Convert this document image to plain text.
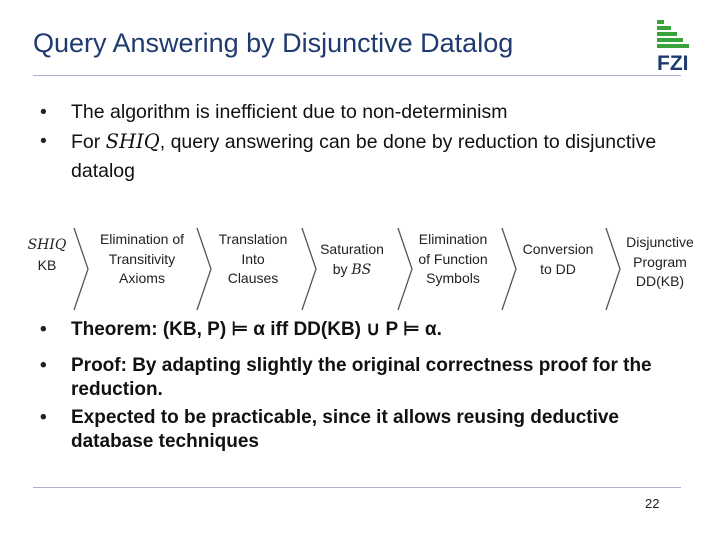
Query Answering by Disjunctive Datalog
FZI
• The algorithm is inefficient due to non-determinism
• For SHIQ, query answering can be done by reduction to disjunctive datalog
SHIQ
KB
Elimination of
Transitivity
Axioms
Translation
Into
Clauses
Saturation
by BS
Elimination
of Function
Symbols
Conversion
to DD
Disjunctive
Program
DD(KB)
• Theorem: (KB, P) ⊨ α iff DD(KB) ∪ P ⊨ α.
• Proof: By adapting slightly the original correctness proof for the reduction.
• Expected to be practicable, since it allows reusing deductive database techniques
22
